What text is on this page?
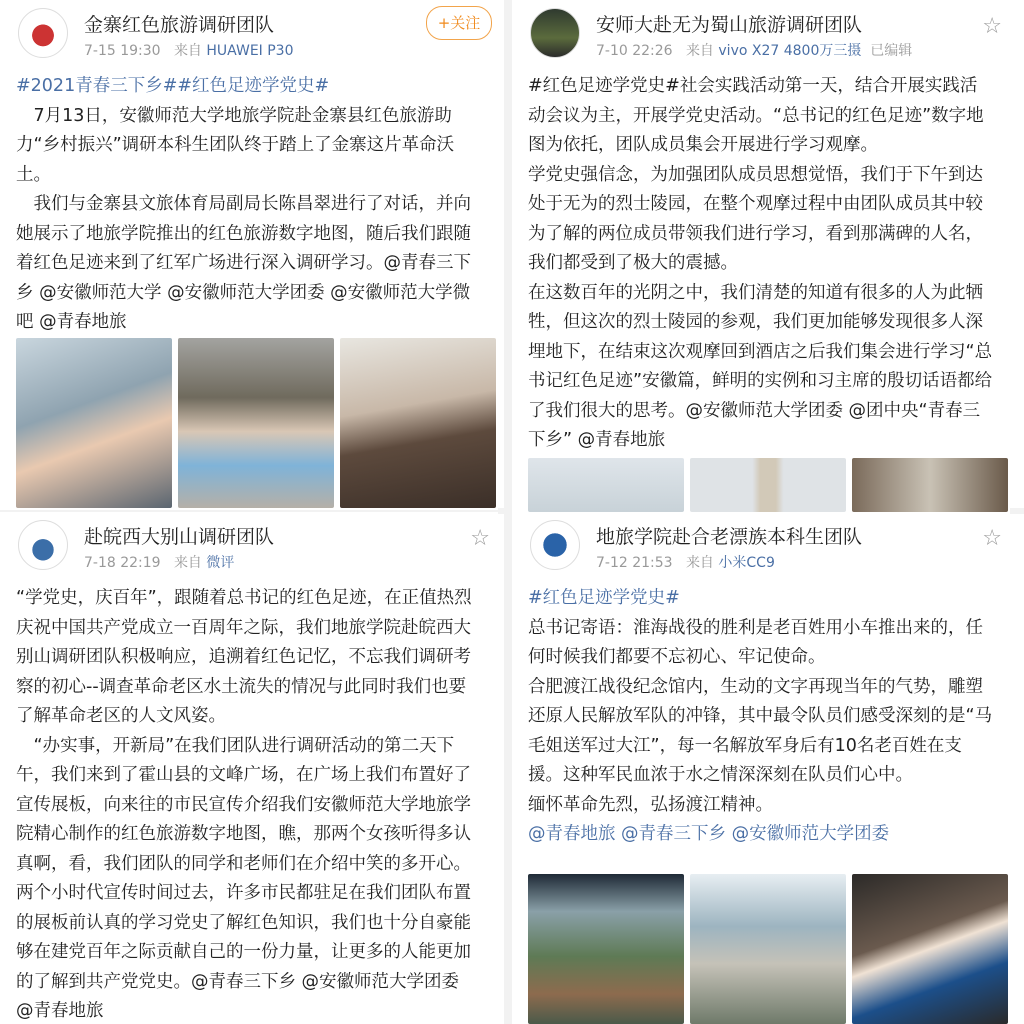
金寨红色旅游调研团队
7-15 19:30 来自 HUAWEI P30
+关注

#2021青春三下乡##红色足迹学党史#

7月13日，安徽师范大学地旅学院赴金寨县红色旅游助力“乡村振兴”调研本科生团队终于踏上了金寨这片革命沃土。

我们与金寨县文旅体育局副局长陈昌翠进行了对话，并向她展示了地旅学院推出的红色旅游数字地图，随后我们跟随着红色足迹来到了红军广场进行深入调研学习。@青春三下乡 @安徽师范大学 @安徽师范大学团委 @安徽师范大学微吧 @青春地旅

安师大赴无为蜀山旅游调研团队
7-10 22:26 来自 vivo X27 4800万三摄 已编辑
☆

#红色足迹学党史#社会实践活动第一天，结合开展实践活动会议为主，开展学党史活动。“总书记的红色足迹”数字地图为依托，团队成员集会开展进行学习观摩。

学党史强信念，为加强团队成员思想觉悟，我们于下午到达处于无为的烈士陵园，在整个观摩过程中由团队成员其中较为了解的两位成员带领我们进行学习，看到那满碑的人名，我们都受到了极大的震撼。

在这数百年的光阴之中，我们清楚的知道有很多的人为此牺牲，但这次的烈士陵园的参观，我们更加能够发现很多人深埋地下，在结束这次观摩回到酒店之后我们集会进行学习“总书记红色足迹”安徽篇，鲜明的实例和习主席的殷切话语都给了我们很大的思考。@安徽师范大学团委 @团中央“青春三下乡” @青春地旅

赴皖西大别山调研团队
7-18 22:19 来自 微评
☆

“学党史，庆百年”，跟随着总书记的红色足迹，在正值热烈庆祝中国共产党成立一百周年之际，我们地旅学院赴皖西大别山调研团队积极响应，追溯着红色记忆，不忘我们调研考察的初心--调查革命老区水土流失的情况与此同时我们也要了解革命老区的人文风姿。

“办实事，开新局”在我们团队进行调研活动的第二天下午，我们来到了霍山县的文峰广场，在广场上我们布置好了宣传展板，向来往的市民宣传介绍我们安徽师范大学地旅学院精心制作的红色旅游数字地图，瞧，那两个女孩听得多认真啊，看，我们团队的同学和老师们在介绍中笑的多开心。两个小时代宣传时间过去，许多市民都驻足在我们团队布置的展板前认真的学习党史了解红色知识，我们也十分自豪能够在建党百年之际贡献自己的一份力量，让更多的人能更加的了解到共产党党史。@青春三下乡 @安徽师范大学团委 @青春地旅

地旅学院赴合老漂族本科生团队
7-12 21:53 来自 小米CC9
☆

#红色足迹学党史#

总书记寄语：淮海战役的胜利是老百姓用小车推出来的，任何时候我们都要不忘初心、牢记使命。

合肥渡江战役纪念馆内，生动的文字再现当年的气势，雕塑还原人民解放军队的冲锋，其中最令队员们感受深刻的是“马毛姐送军过大江”，每一名解放军身后有10名老百姓在支援。这种军民血浓于水之情深深刻在队员们心中。

缅怀革命先烈，弘扬渡江精神。

@青春地旅 @青春三下乡 @安徽师范大学团委
